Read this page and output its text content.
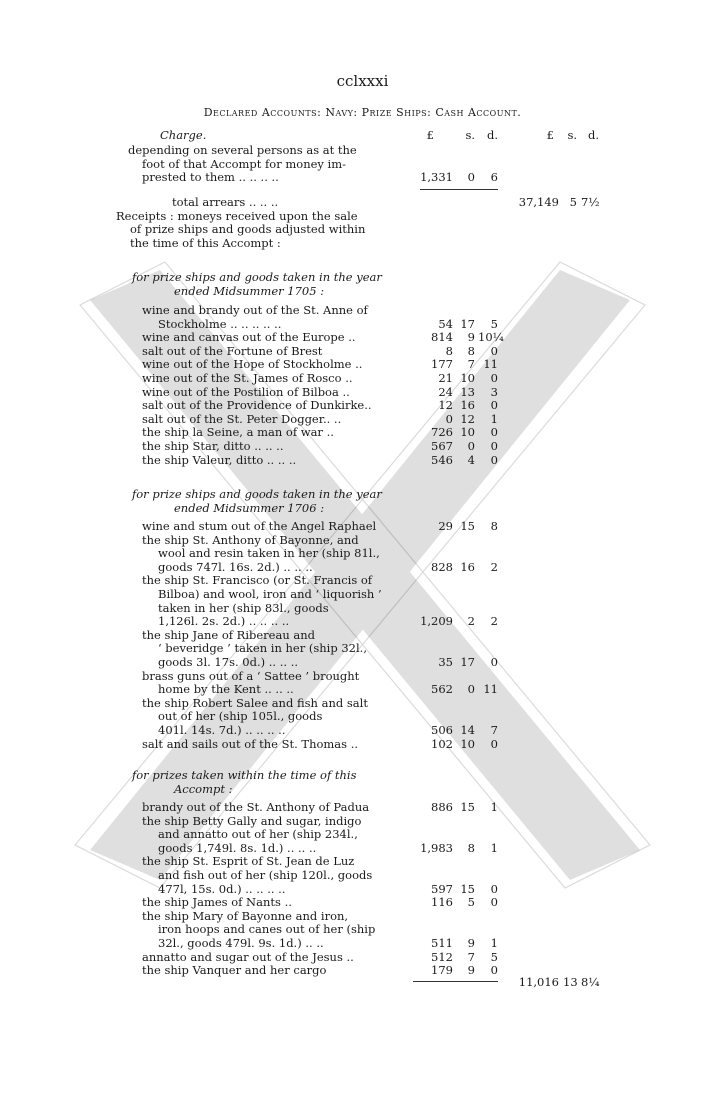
cclxxxi
Declared Accounts: Navy: Prize Ships: Cash Account.
Charge.	£	s.	d.	£	s. d.
depending on several persons as at the
foot of that Accompt for money im-
prested to them .. .. .. ..	1,331	0	6
total arrears .. .. ..	37,149 5 7½
Receipts : moneys received upon the sale
of prize ships and goods adjusted within
the time of this Accompt :
for prize ships and goods taken in the year
ended Midsummer 1705 :
wine and brandy out of the St. Anne of
Stockholme .. .. .. .. ..	54 17	5
wine and canvas out of the Europe ..	814	9 10¼
salt out of the Fortune of Brest	8	8	0
wine out of the Hope of Stockholme ..	177	7 11
wine out of the St. James of Rosco ..	21 10	0
wine out of the Postilion of Bilboa ..	24 13	3
salt out of the Providence of Dunkirke..	12 16	0
salt out of the St. Peter Dogger.. ..	0 12	1
the ship la Seine, a man of war ..	726 10	0
the ship Star, ditto .. .. ..	567	0	0
the ship Valeur, ditto .. .. ..	546	4	0
for prize ships and goods taken in the year
ended Midsummer 1706 :
wine and stum out of the Angel Raphael	29 15	8
the ship St. Anthony of Bayonne, and
wool and resin taken in her (ship 81l.,
goods 747l. 16s. 2d.) .. .. ..	828 16	2
the ship St. Francisco (or St. Francis of
Bilboa) and wool, iron and ‘ liquorish ’
taken in her (ship 83l., goods
1,126l. 2s. 2d.) .. .. .. ..	1,209	2	2
the ship Jane of Ribereau and
‘ beveridge ’ taken in her (ship 32l.,
goods 3l. 17s. 0d.) .. .. ..	35 17	0
brass guns out of a ‘ Sattee ’ brought
home by the Kent .. .. ..	562	0 11
the ship Robert Salee and fish and salt
out of her (ship 105l., goods
401l. 14s. 7d.) .. .. .. ..	506 14	7
salt and sails out of the St. Thomas ..	102 10	0
for prizes taken within the time of this
Accompt :
brandy out of the St. Anthony of Padua	886 15	1
the ship Betty Gally and sugar, indigo
and annatto out of her (ship 234l.,
goods 1,749l. 8s. 1d.) .. .. ..	1,983	8	1
the ship St. Esprit of St. Jean de Luz
and fish out of her (ship 120l., goods
477l, 15s. 0d.) .. .. .. ..	597 15	0
the ship James of Nants ..	116	5	0
the ship Mary of Bayonne and iron,
iron hoops and canes out of her (ship
32l., goods 479l. 9s. 1d.) .. ..	511	9	1
annatto and sugar out of the Jesus ..	512	7	5
the ship Vanquer and her cargo	179	9	0
11,016 13 8¼
